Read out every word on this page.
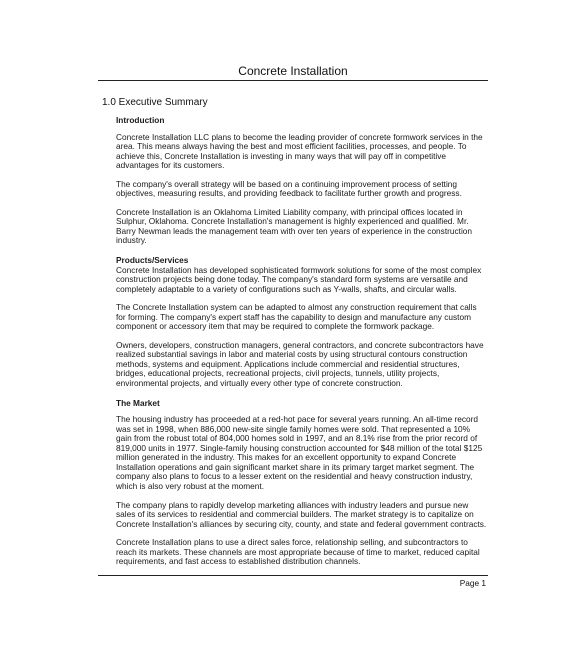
Concrete Installation
1.0 Executive Summary

Introduction

Concrete Installation LLC plans to become the leading provider of concrete formwork services in the area. This means always having the best and most efficient facilities, processes, and people. To achieve this, Concrete Installation is investing in many ways that will pay off in competitive advantages for its customers.

The company's overall strategy will be based on a continuing improvement process of setting objectives, measuring results, and providing feedback to facilitate further growth and progress.

Concrete Installation is an Oklahoma Limited Liability company, with principal offices located in Sulphur, Oklahoma. Concrete Installation's management is highly experienced and qualified. Mr. Barry Newman leads the management team with over ten years of experience in the construction industry.

Products/Services

Concrete Installation has developed sophisticated formwork solutions for some of the most complex construction projects being done today. The company's standard form systems are versatile and completely adaptable to a variety of configurations such as Y-walls, shafts, and circular walls.

The Concrete Installation system can be adapted to almost any construction requirement that calls for forming. The company's expert staff has the capability to design and manufacture any custom component or accessory item that may be required to complete the formwork package.

Owners, developers, construction managers, general contractors, and concrete subcontractors have realized substantial savings in labor and material costs by using structural contours construction methods, systems and equipment. Applications include commercial and residential structures, bridges, educational projects, recreational projects, civil projects, tunnels, utility projects, environmental projects, and virtually every other type of concrete construction.

The Market

The housing industry has proceeded at a red-hot pace for several years running. An all-time record was set in 1998, when 886,000 new-site single family homes were sold. That represented a 10% gain from the robust total of 804,000 homes sold in 1997, and an 8.1% rise from the prior record of 819,000 units in 1977. Single-family housing construction accounted for $48 million of the total $125 million generated in the industry. This makes for an excellent opportunity to expand Concrete Installation operations and gain significant market share in its primary target market segment. The company also plans to focus to a lesser extent on the residential and heavy construction industry, which is also very robust at the moment.

The company plans to rapidly develop marketing alliances with industry leaders and pursue new sales of its services to residential and commercial builders. The market strategy is to capitalize on Concrete Installation's alliances by securing city, county, and state and federal government contracts.

Concrete Installation plans to use a direct sales force, relationship selling, and subcontractors to reach its markets. These channels are most appropriate because of time to market, reduced capital requirements, and fast access to established distribution channels.

Page 1
